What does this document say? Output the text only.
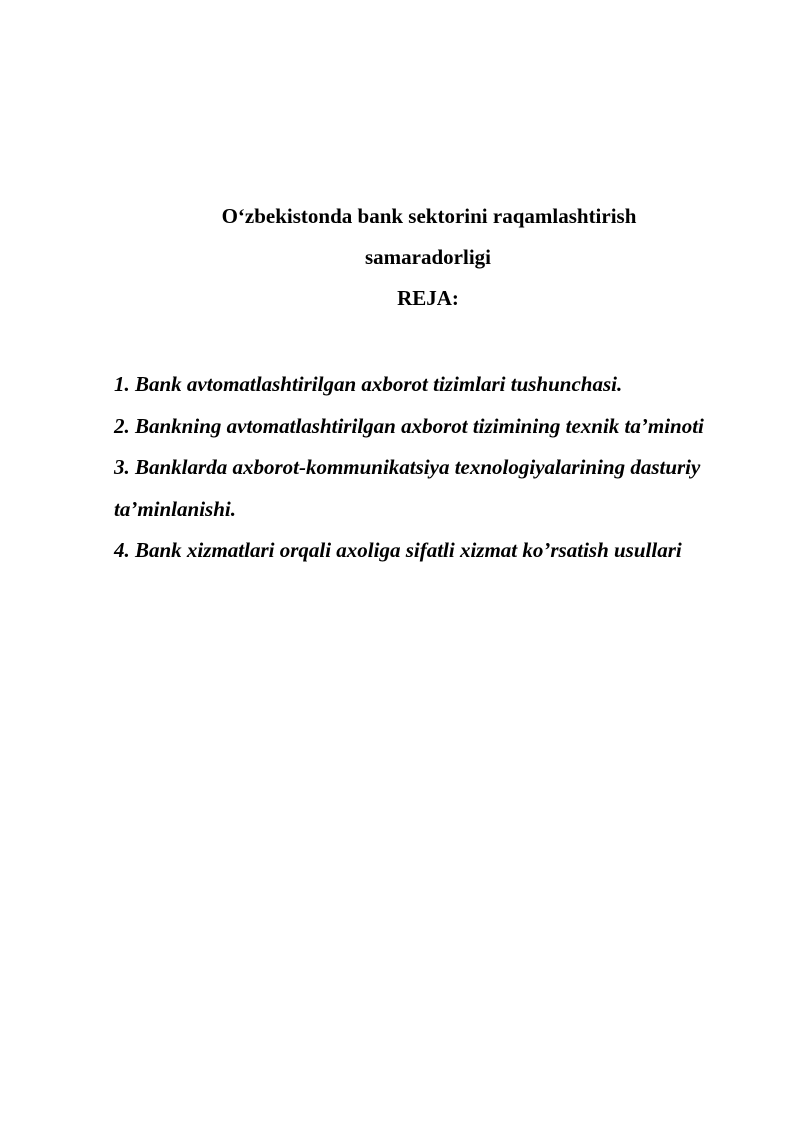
O‘zbekistonda bank sektorini raqamlashtirish
samaradorligi
REJA:
1. Bank avtomatlashtirilgan axborot tizimlari tushunchasi.
2. Bankning avtomatlashtirilgan axborot tizimining texnik ta’minoti
3. Banklarda axborot-kommunikatsiya texnologiyalarining dasturiy ta’minlanishi.
4. Bank xizmatlari orqali axoliga sifatli xizmat ko’rsatish usullari
